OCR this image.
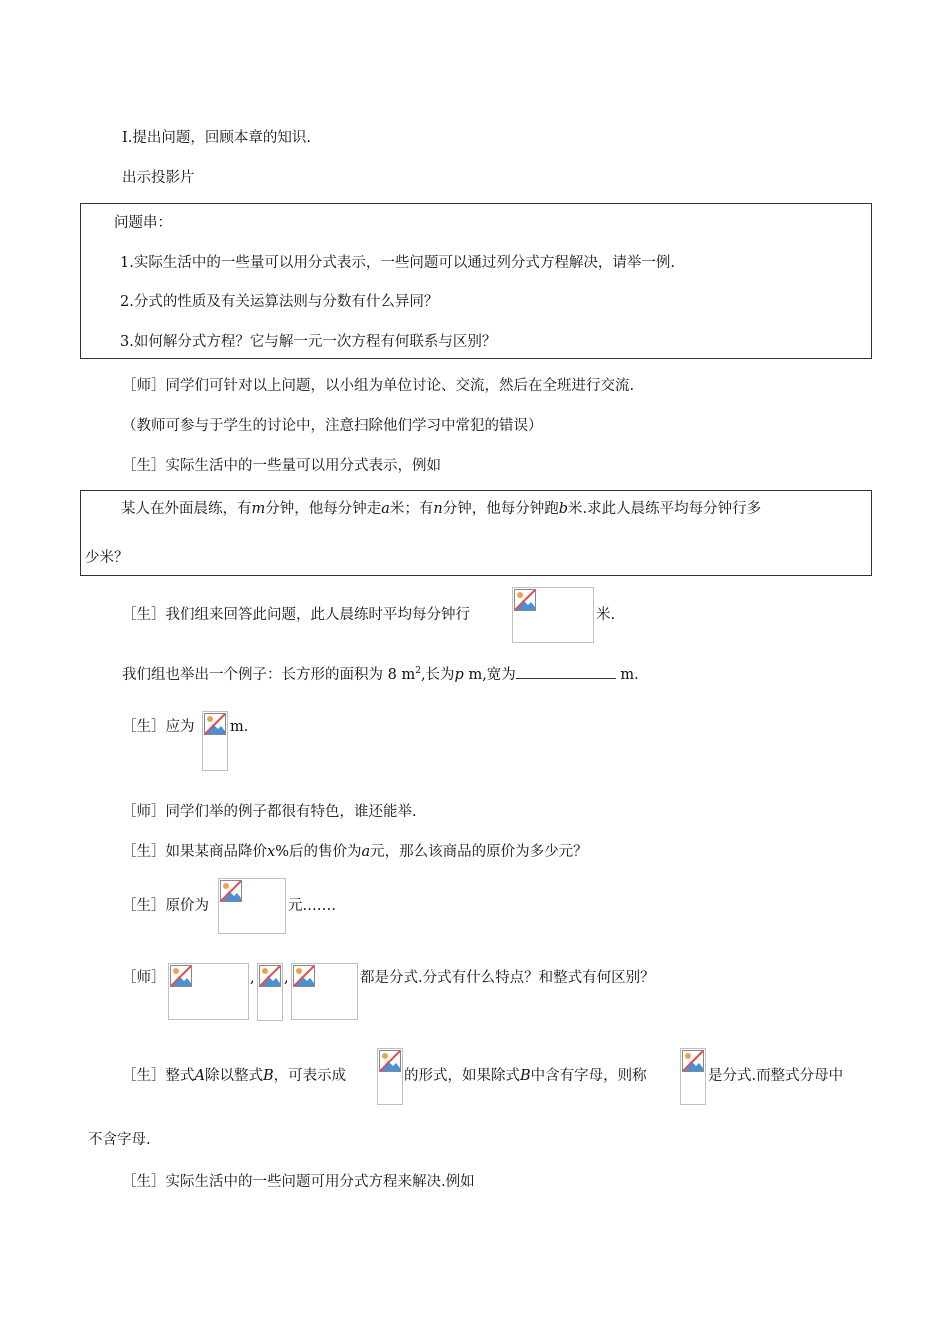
Ⅰ.提出问题，回顾本章的知识.
出示投影片
问题串：
1.实际生活中的一些量可以用分式表示，一些问题可以通过列分式方程解决，请举一例.
2.分式的性质及有关运算法则与分数有什么异同？
3.如何解分式方程？它与解一元一次方程有何联系与区别？
［师］同学们可针对以上问题，以小组为单位讨论、交流，然后在全班进行交流.
（教师可参与于学生的讨论中，注意扫除他们学习中常犯的错误）
［生］实际生活中的一些量可以用分式表示，例如
某人在外面晨练，有m分钟，他每分钟走a米；有n分钟，他每分钟跑b米.求此人晨练平均每分钟行多
少米？
［生］我们组来回答此问题，此人晨练时平均每分钟行	米.
我们组也举出一个例子：长方形的面积为 8 $m^2$,长为p m,宽为	m.
［生］应为 m.
［师］同学们举的例子都很有特色，谁还能举.
［生］如果某商品降价x%后的售价为a元，那么该商品的原价为多少元？
［生］原价为	元.……
［师］	, ,	都是分式.分式有什么特点？和整式有何区别？
［生］整式A除以整式B，可表示成	的形式，如果除式B中含有字母，则称	是分式.而整式分母中
不含字母.
［生］实际生活中的一些问题可用分式方程来解决.例如
